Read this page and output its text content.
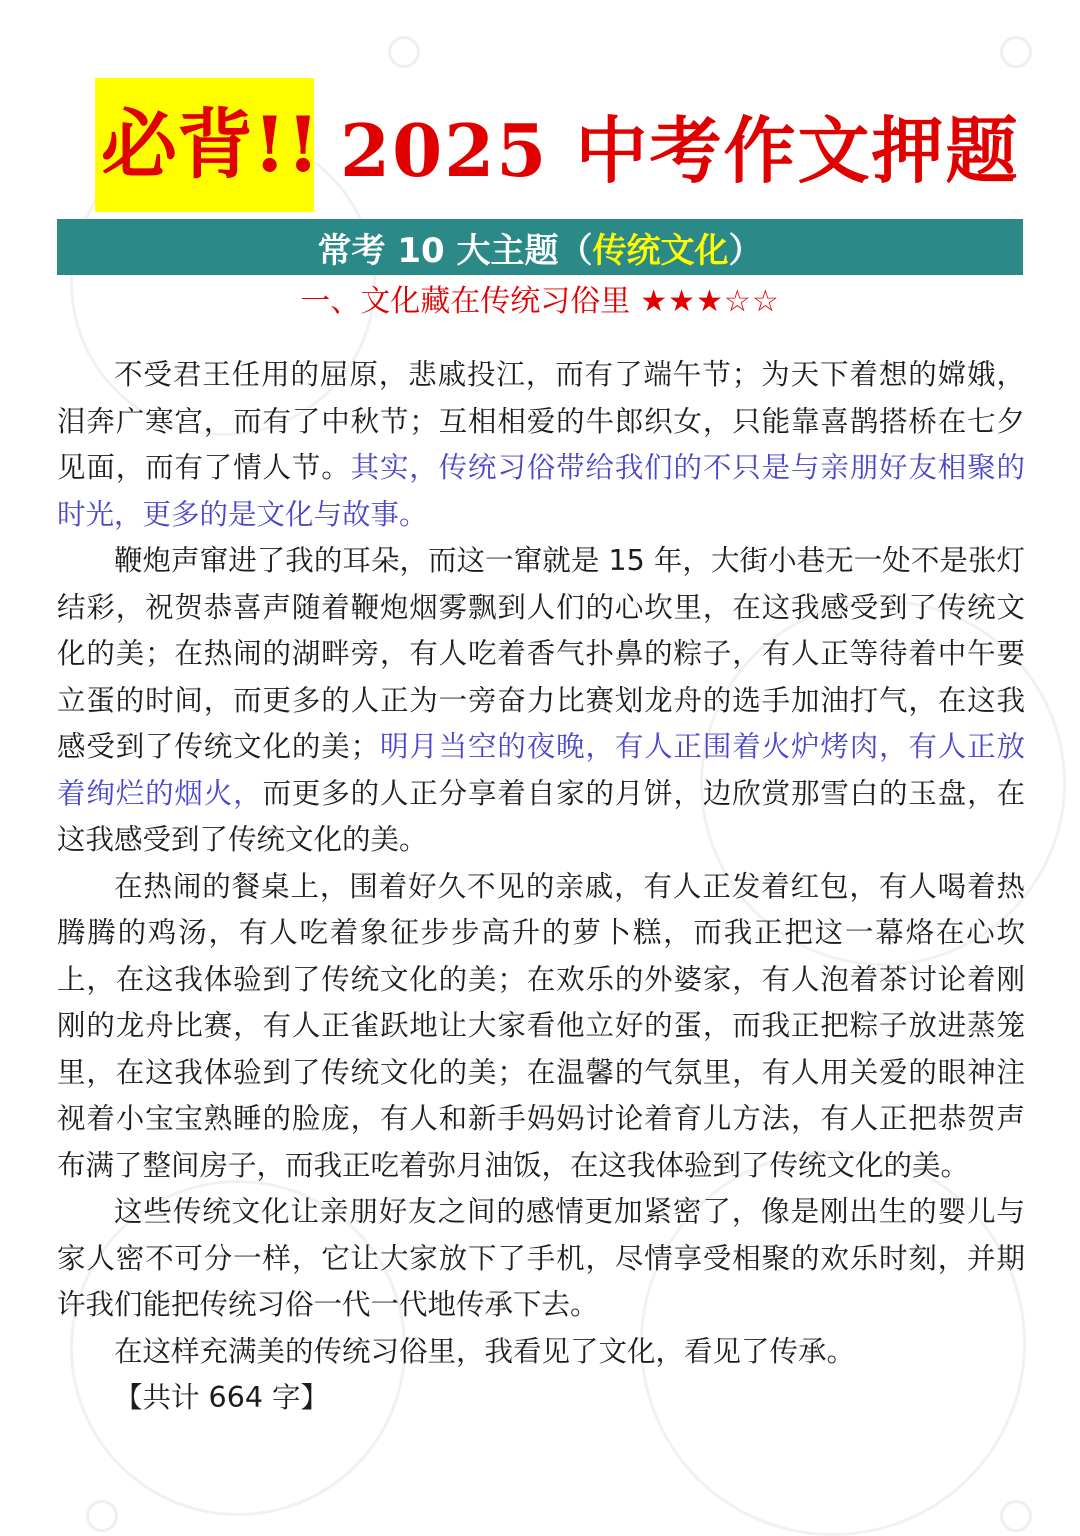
必背!! 2025 中考作文押题
常考 10 大主题（ 传统文化 ）
一、文化藏在传统习俗里 ★★★☆☆

不受君王任用的屈原，悲戚投江，而有了端午节；为天下着想的嫦娥，泪奔广寒宫，而有了中秋节；互相相爱的牛郎织女，只能靠喜鹊搭桥在七夕见面，而有了情人节。其实，传统习俗带给我们的不只是与亲朋好友相聚的时光，更多的是文化与故事。

鞭炮声窜进了我的耳朵，而这一窜就是 15 年，大街小巷无一处不是张灯结彩，祝贺恭喜声随着鞭炮烟雾飘到人们的心坎里，在这我感受到了传统文化的美；在热闹的湖畔旁，有人吃着香气扑鼻的粽子，有人正等待着中午要立蛋的时间，而更多的人正为一旁奋力比赛划龙舟的选手加油打气，在这我感受到了传统文化的美；明月当空的夜晚，有人正围着火炉烤肉，有人正放着绚烂的烟火，而更多的人正分享着自家的月饼，边欣赏那雪白的玉盘，在这我感受到了传统文化的美。

在热闹的餐桌上，围着好久不见的亲戚，有人正发着红包，有人喝着热腾腾的鸡汤，有人吃着象征步步高升的萝卜糕，而我正把这一幕烙在心坎上，在这我体验到了传统文化的美；在欢乐的外婆家，有人泡着茶讨论着刚刚的龙舟比赛，有人正雀跃地让大家看他立好的蛋，而我正把粽子放进蒸笼里，在这我体验到了传统文化的美；在温馨的气氛里，有人用关爱的眼神注视着小宝宝熟睡的脸庞，有人和新手妈妈讨论着育儿方法，有人正把恭贺声布满了整间房子，而我正吃着弥月油饭，在这我体验到了传统文化的美。

这些传统文化让亲朋好友之间的感情更加紧密了，像是刚出生的婴儿与家人密不可分一样，它让大家放下了手机，尽情享受相聚的欢乐时刻，并期许我们能把传统习俗一代一代地传承下去。

在这样充满美的传统习俗里，我看见了文化，看见了传承。

【共计 664 字】
